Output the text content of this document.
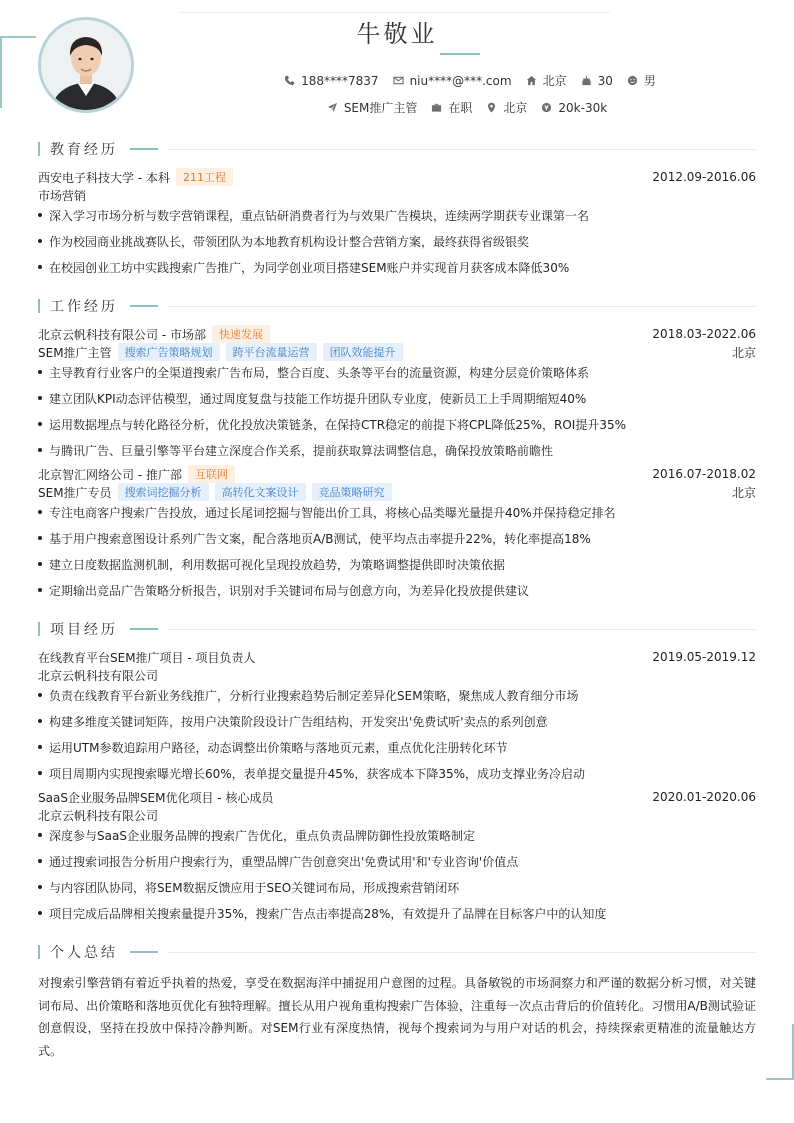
牛敬业
188****7837	niu****@***.com	北京	30	男
SEM推广主管	在职	北京	20k-30k
教育经历
西安电子科技大学 - 本科	211工程	2012.09-2016.06
市场营销
深入学习市场分析与数字营销课程，重点钻研消费者行为与效果广告模块，连续两学期获专业课第一名
作为校园商业挑战赛队长，带领团队为本地教育机构设计整合营销方案，最终获得省级银奖
在校园创业工坊中实践搜索广告推广，为同学创业项目搭建SEM账户并实现首月获客成本降低30%
工作经历
北京云帆科技有限公司 - 市场部	快速发展	2018.03-2022.06
SEM推广主管	搜索广告策略规划	跨平台流量运营	团队效能提升	北京
主导教育行业客户的全渠道搜索广告布局，整合百度、头条等平台的流量资源，构建分层竞价策略体系
建立团队KPI动态评估模型，通过周度复盘与技能工作坊提升团队专业度，使新员工上手周期缩短40%
运用数据埋点与转化路径分析，优化投放决策链条，在保持CTR稳定的前提下将CPL降低25%，ROI提升35%
与腾讯广告、巨量引擎等平台建立深度合作关系，提前获取算法调整信息，确保投放策略前瞻性
北京智汇网络公司 - 推广部	互联网	2016.07-2018.02
SEM推广专员	搜索词挖掘分析	高转化文案设计	竞品策略研究	北京
专注电商客户搜索广告投放，通过长尾词挖掘与智能出价工具，将核心品类曝光量提升40%并保持稳定排名
基于用户搜索意图设计系列广告文案，配合落地页A/B测试，使平均点击率提升22%，转化率提高18%
建立日度数据监测机制，利用数据可视化呈现投放趋势，为策略调整提供即时决策依据
定期输出竞品广告策略分析报告，识别对手关键词布局与创意方向，为差异化投放提供建议
项目经历
在线教育平台SEM推广项目 - 项目负责人	2019.05-2019.12
北京云帆科技有限公司
负责在线教育平台新业务线推广，分析行业搜索趋势后制定差异化SEM策略，聚焦成人教育细分市场
构建多维度关键词矩阵，按用户决策阶段设计广告组结构，开发突出'免费试听'卖点的系列创意
运用UTM参数追踪用户路径，动态调整出价策略与落地页元素，重点优化注册转化环节
项目周期内实现搜索曝光增长60%，表单提交量提升45%，获客成本下降35%，成功支撑业务冷启动
SaaS企业服务品牌SEM优化项目 - 核心成员	2020.01-2020.06
北京云帆科技有限公司
深度参与SaaS企业服务品牌的搜索广告优化，重点负责品牌防御性投放策略制定
通过搜索词报告分析用户搜索行为，重塑品牌广告创意突出'免费试用'和'专业咨询'价值点
与内容团队协同，将SEM数据反馈应用于SEO关键词布局，形成搜索营销闭环
项目完成后品牌相关搜索量提升35%，搜索广告点击率提高28%，有效提升了品牌在目标客户中的认知度
个人总结
对搜索引擎营销有着近乎执着的热爱，享受在数据海洋中捕捉用户意图的过程。具备敏锐的市场洞察力和严谨的数据分析习惯，对关键词布局、出价策略和落地页优化有独特理解。擅长从用户视角重构搜索广告体验，注重每一次点击背后的价值转化。习惯用A/B测试验证创意假设，坚持在投放中保持冷静判断。对SEM行业有深度热情，视每个搜索词为与用户对话的机会，持续探索更精准的流量触达方式。
